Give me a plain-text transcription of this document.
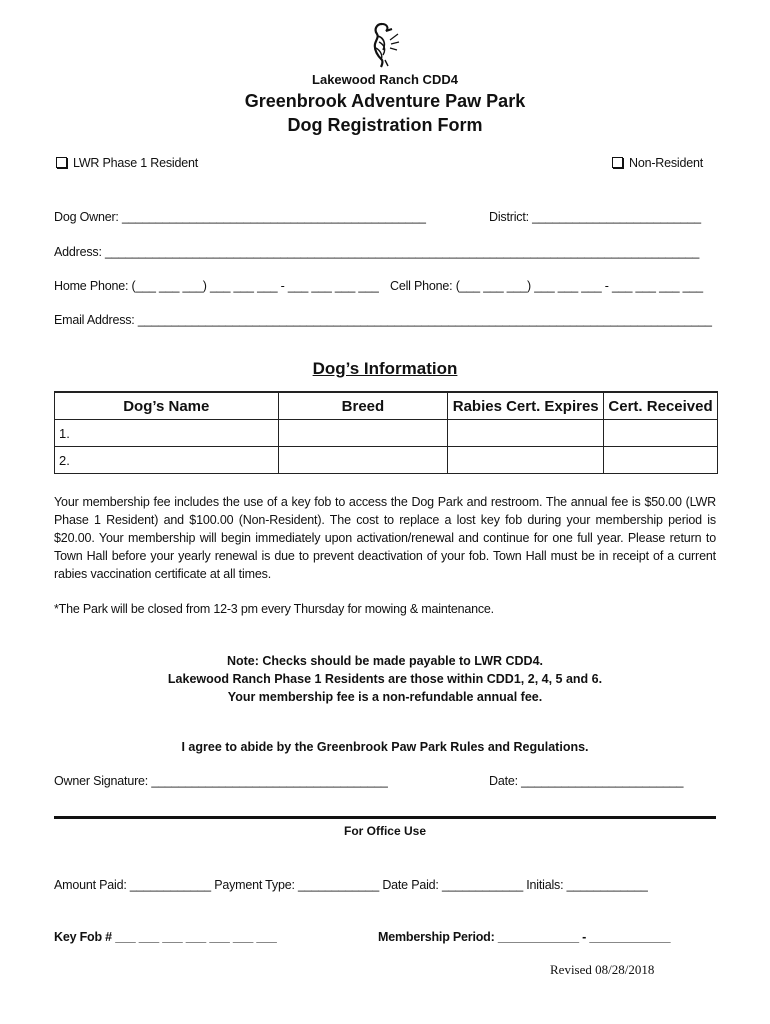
Lakewood Ranch CDD4
Greenbrook Adventure Paw Park
Dog Registration Form
LWR Phase 1 Resident	Non-Resident
Dog Owner: _____________________________________________	District: _________________________
Address: ________________________________________________________________________________________
Home Phone: (___ ___ ___) ___ ___ ___ - ___ ___ ___ ___ Cell Phone: (___ ___ ___) ___ ___ ___ - ___ ___ ___ ___
Email Address: _____________________________________________________________________________________
Dog’s Information
Dog’s Name	Breed	Rabies Cert. Expires	Cert. Received
1.			
2.			
Your membership fee includes the use of a key fob to access the Dog Park and restroom. The annual fee is $50.00 (LWR Phase 1 Resident) and $100.00 (Non-Resident). The cost to replace a lost key fob during your membership period is $20.00. Your membership will begin immediately upon activation/renewal and continue for one full year. Please return to Town Hall before your yearly renewal is due to prevent deactivation of your fob. Town Hall must be in receipt of a current rabies vaccination certificate at all times.
*The Park will be closed from 12-3 pm every Thursday for mowing & maintenance.
Note: Checks should be made payable to LWR CDD4.
Lakewood Ranch Phase 1 Residents are those within CDD1, 2, 4, 5 and 6.
Your membership fee is a non-refundable annual fee.
I agree to abide by the Greenbrook Paw Park Rules and Regulations.
Owner Signature: ___________________________________	Date: ________________________
For Office Use
Amount Paid: ____________ Payment Type: ____________ Date Paid: ____________ Initials: ____________
Key Fob # ___ ___ ___ ___ ___ ___ ___	Membership Period: ____________ - ____________
Revised 08/28/2018
